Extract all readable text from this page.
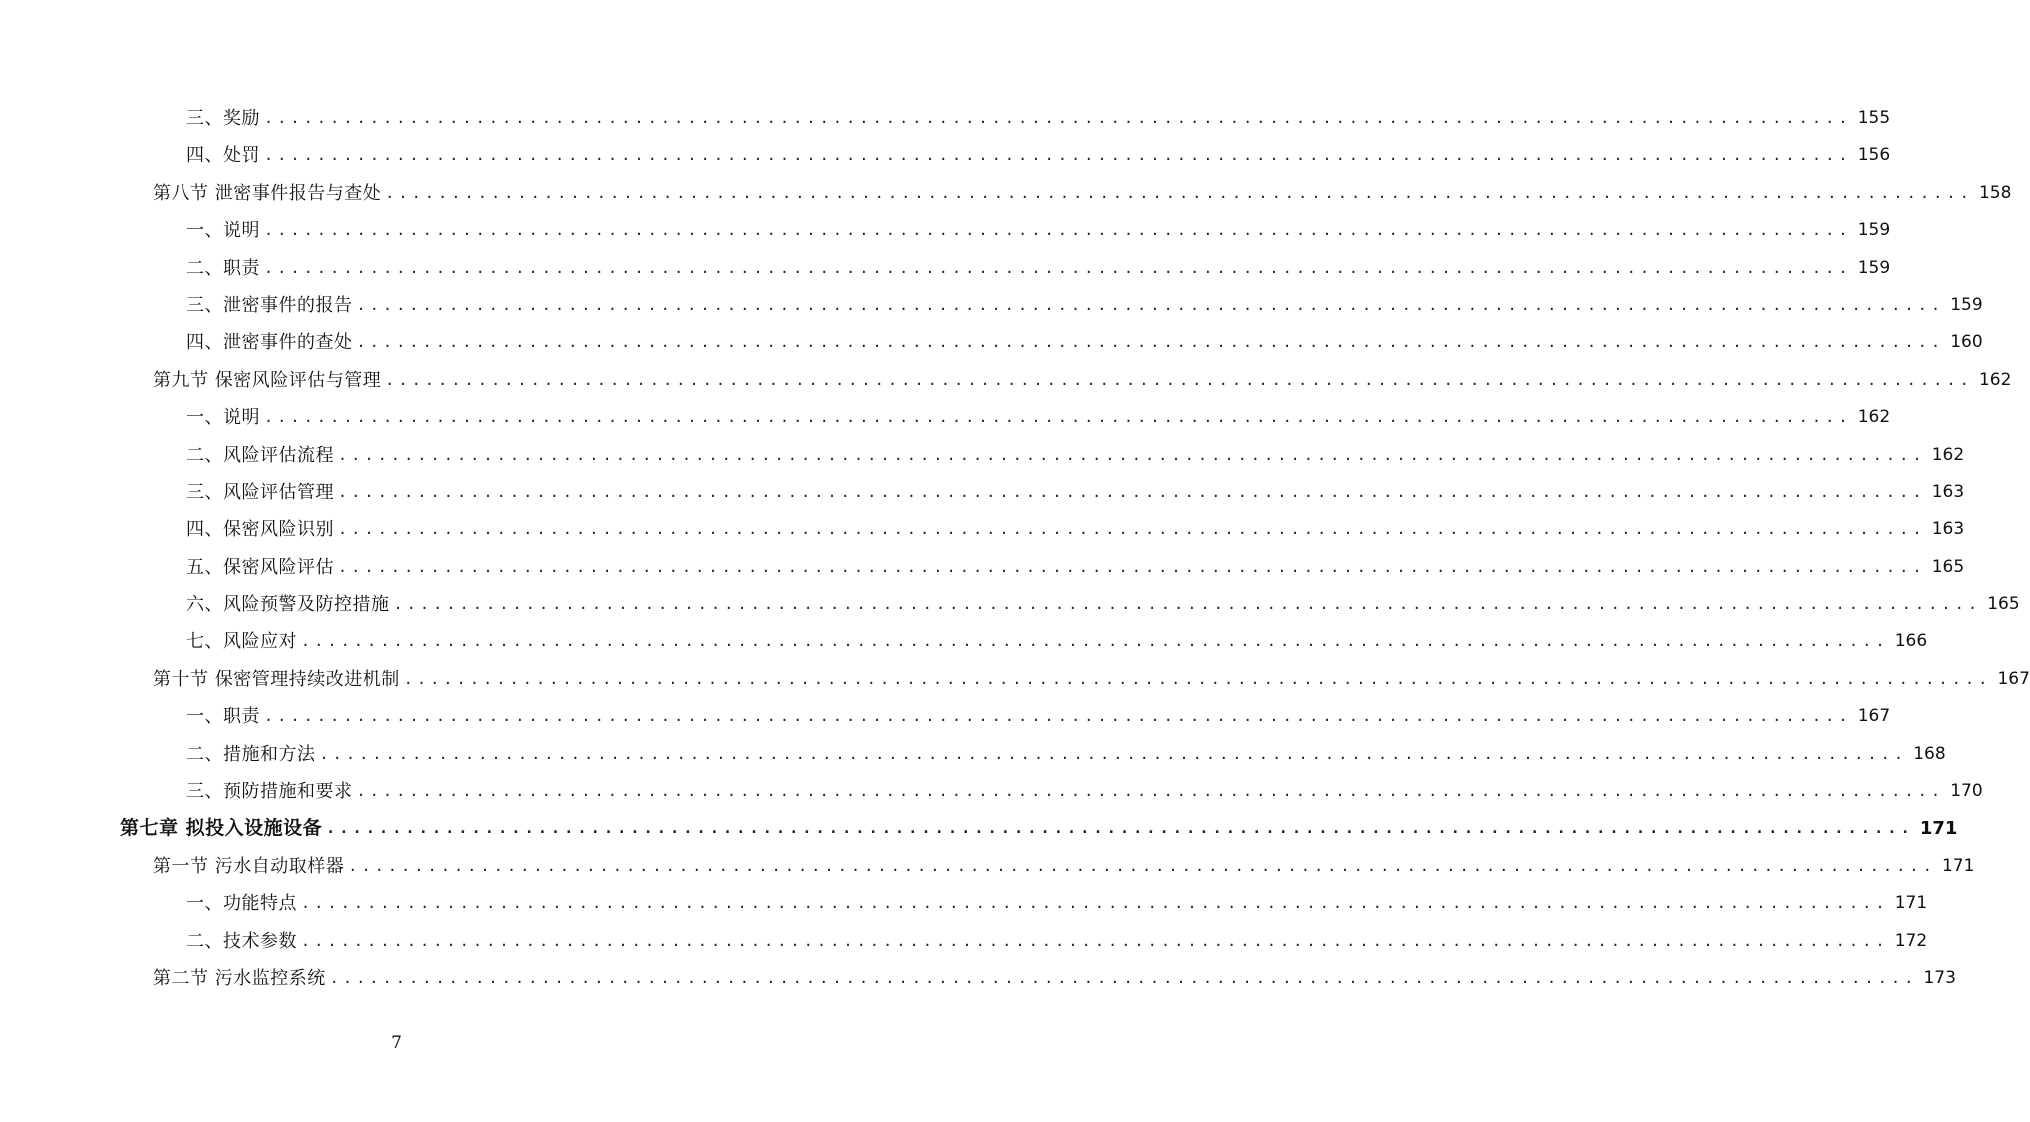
三、奖励 ........................................................................................................................ 155
四、处罚 ........................................................................................................................ 156
第八节 泄密事件报告与查处 ........................................................................................................................ 158
一、说明 ........................................................................................................................ 159
二、职责 ........................................................................................................................ 159
三、泄密事件的报告 ........................................................................................................................ 159
四、泄密事件的查处 ........................................................................................................................ 160
第九节 保密风险评估与管理 ........................................................................................................................ 162
一、说明 ........................................................................................................................ 162
二、风险评估流程 ........................................................................................................................ 162
三、风险评估管理 ........................................................................................................................ 163
四、保密风险识别 ........................................................................................................................ 163
五、保密风险评估 ........................................................................................................................ 165
六、风险预警及防控措施 ........................................................................................................................ 165
七、风险应对 ........................................................................................................................ 166
第十节 保密管理持续改进机制 ........................................................................................................................ 167
一、职责 ........................................................................................................................ 167
二、措施和方法 ........................................................................................................................ 168
三、预防措施和要求 ........................................................................................................................ 170
第七章 拟投入设施设备 ........................................................................................................................ 171
第一节 污水自动取样器 ........................................................................................................................ 171
一、功能特点 ........................................................................................................................ 171
二、技术参数 ........................................................................................................................ 172
第二节 污水监控系统 ........................................................................................................................ 173
7
